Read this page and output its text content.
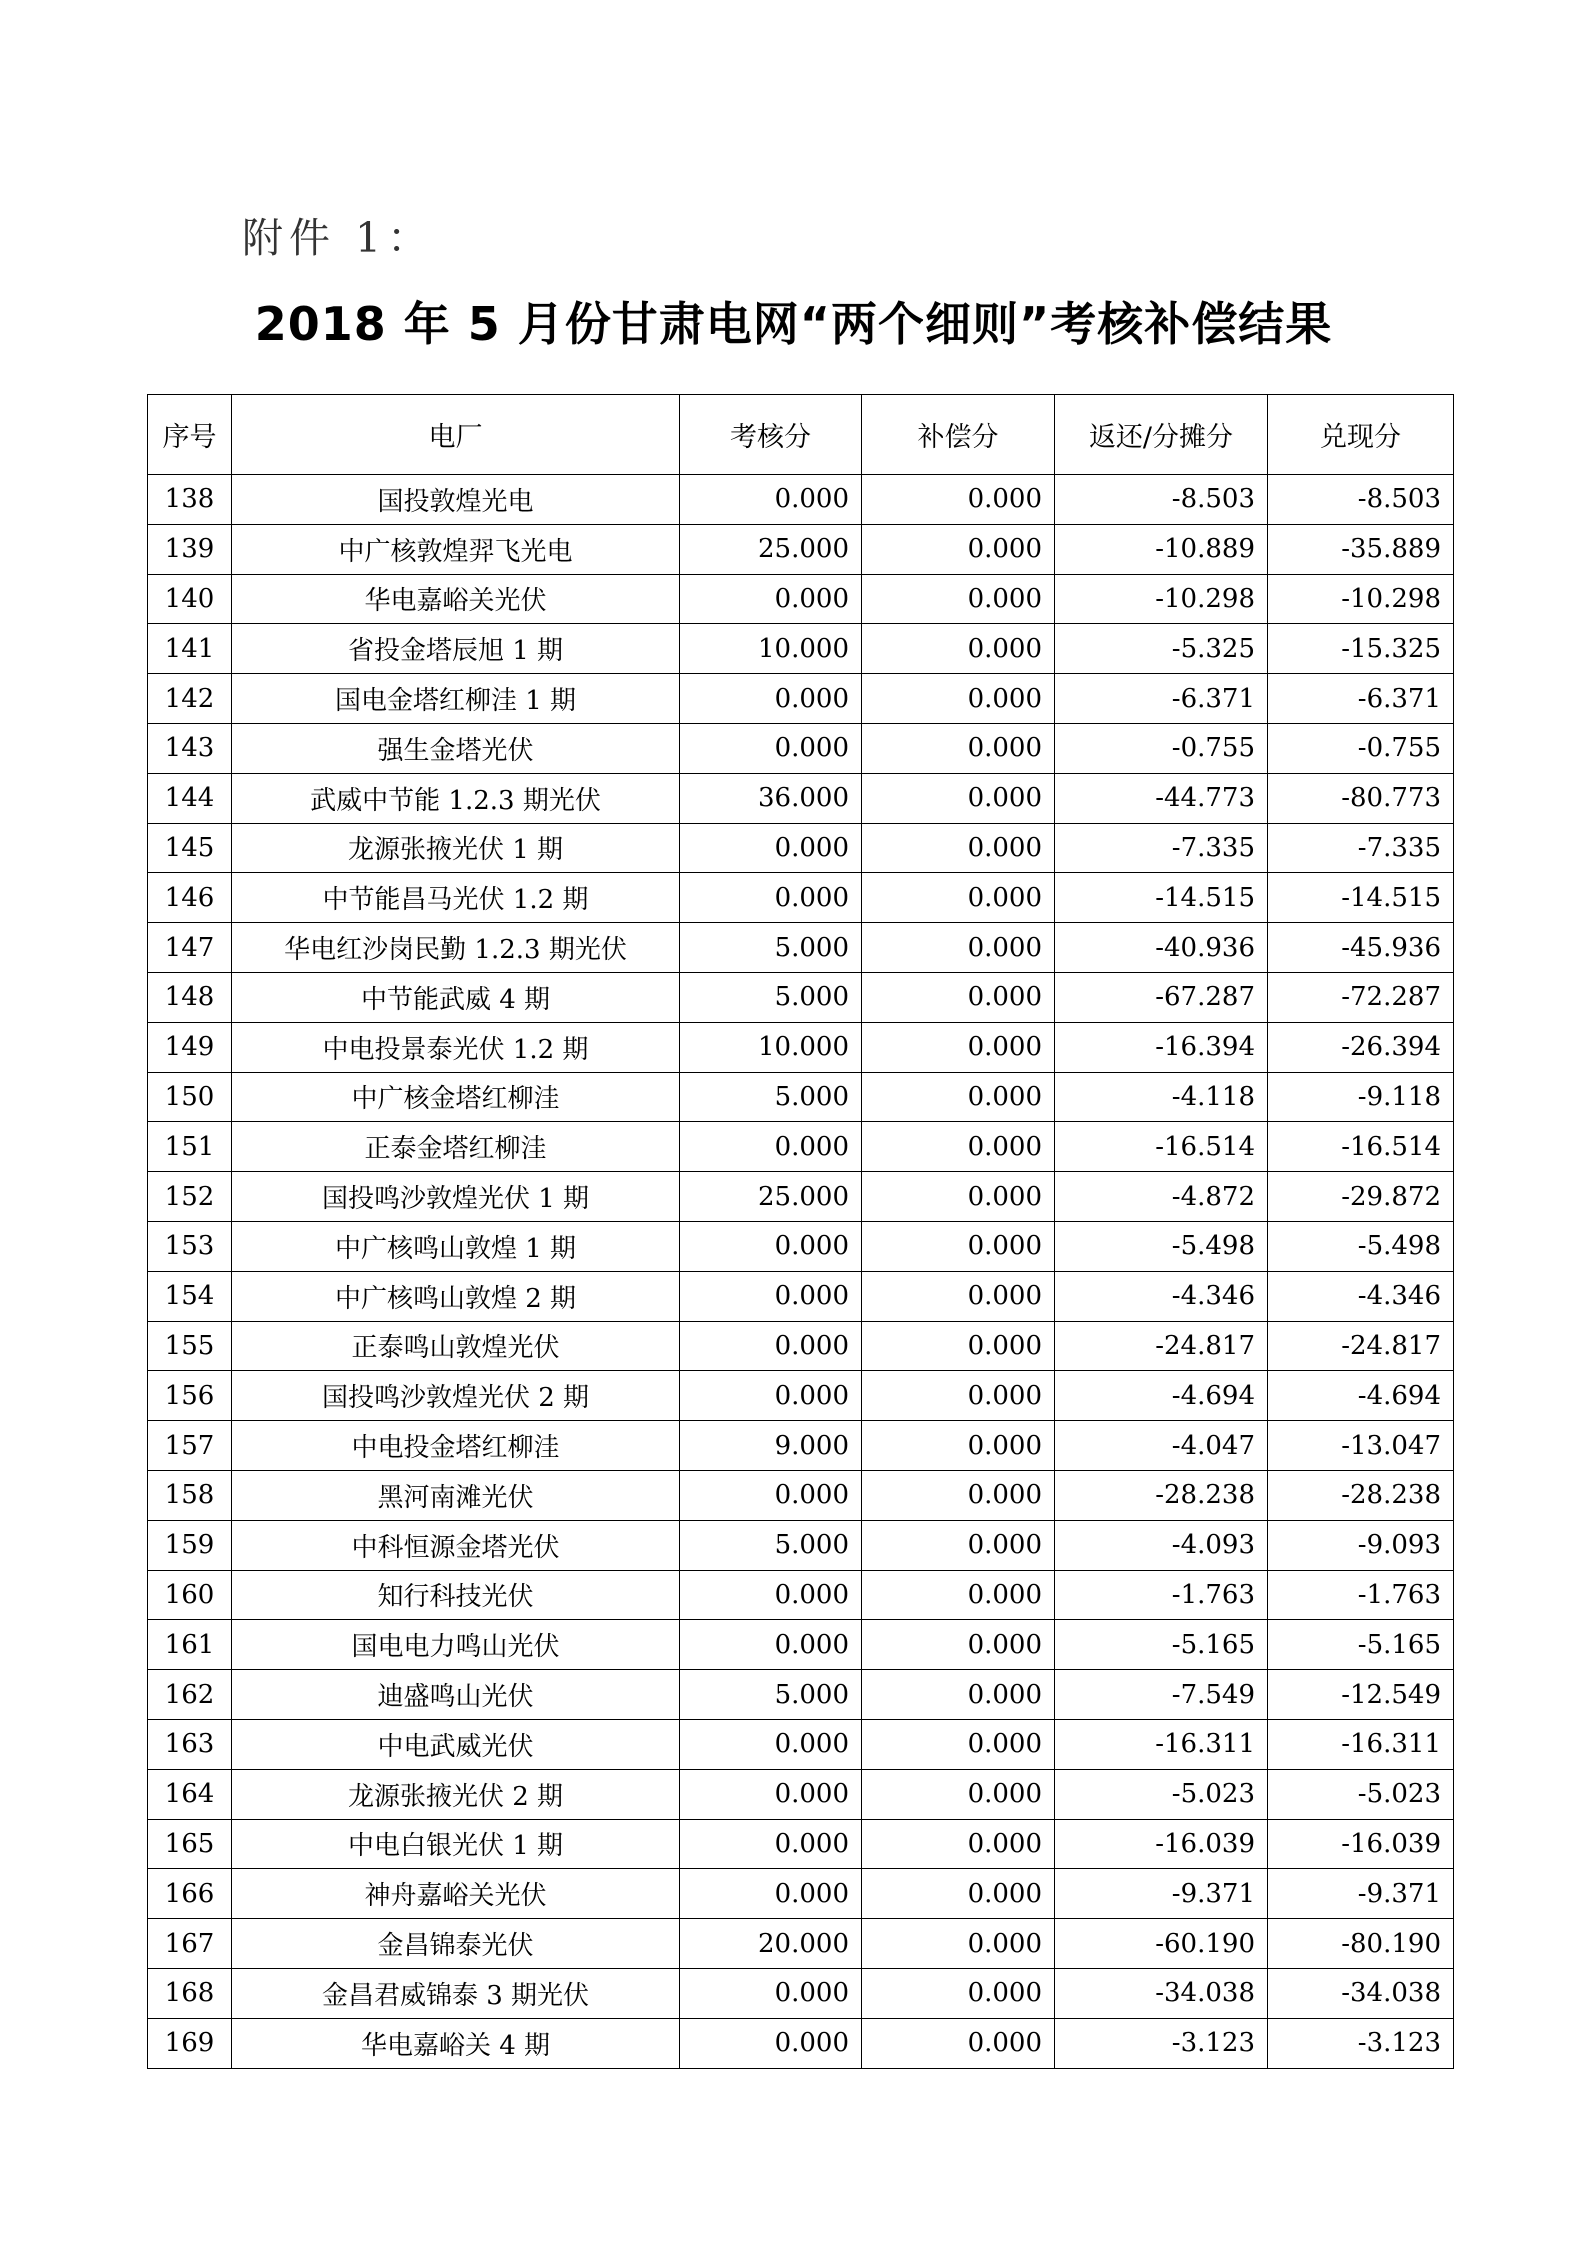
附件 1：
2018 年 5 月份甘肃电网“两个细则”考核补偿结果
序号	电厂	考核分	补偿分	返还/分摊分	兑现分
138	国投敦煌光电	0.000	0.000	-8.503	-8.503
139	中广核敦煌羿飞光电	25.000	0.000	-10.889	-35.889
140	华电嘉峪关光伏	0.000	0.000	-10.298	-10.298
141	省投金塔辰旭 1 期	10.000	0.000	-5.325	-15.325
142	国电金塔红柳洼 1 期	0.000	0.000	-6.371	-6.371
143	强生金塔光伏	0.000	0.000	-0.755	-0.755
144	武威中节能 1.2.3 期光伏	36.000	0.000	-44.773	-80.773
145	龙源张掖光伏 1 期	0.000	0.000	-7.335	-7.335
146	中节能昌马光伏 1.2 期	0.000	0.000	-14.515	-14.515
147	华电红沙岗民勤 1.2.3 期光伏	5.000	0.000	-40.936	-45.936
148	中节能武威 4 期	5.000	0.000	-67.287	-72.287
149	中电投景泰光伏 1.2 期	10.000	0.000	-16.394	-26.394
150	中广核金塔红柳洼	5.000	0.000	-4.118	-9.118
151	正泰金塔红柳洼	0.000	0.000	-16.514	-16.514
152	国投鸣沙敦煌光伏 1 期	25.000	0.000	-4.872	-29.872
153	中广核鸣山敦煌 1 期	0.000	0.000	-5.498	-5.498
154	中广核鸣山敦煌 2 期	0.000	0.000	-4.346	-4.346
155	正泰鸣山敦煌光伏	0.000	0.000	-24.817	-24.817
156	国投鸣沙敦煌光伏 2 期	0.000	0.000	-4.694	-4.694
157	中电投金塔红柳洼	9.000	0.000	-4.047	-13.047
158	黑河南滩光伏	0.000	0.000	-28.238	-28.238
159	中科恒源金塔光伏	5.000	0.000	-4.093	-9.093
160	知行科技光伏	0.000	0.000	-1.763	-1.763
161	国电电力鸣山光伏	0.000	0.000	-5.165	-5.165
162	迪盛鸣山光伏	5.000	0.000	-7.549	-12.549
163	中电武威光伏	0.000	0.000	-16.311	-16.311
164	龙源张掖光伏 2 期	0.000	0.000	-5.023	-5.023
165	中电白银光伏 1 期	0.000	0.000	-16.039	-16.039
166	神舟嘉峪关光伏	0.000	0.000	-9.371	-9.371
167	金昌锦泰光伏	20.000	0.000	-60.190	-80.190
168	金昌君威锦泰 3 期光伏	0.000	0.000	-34.038	-34.038
169	华电嘉峪关 4 期	0.000	0.000	-3.123	-3.123
